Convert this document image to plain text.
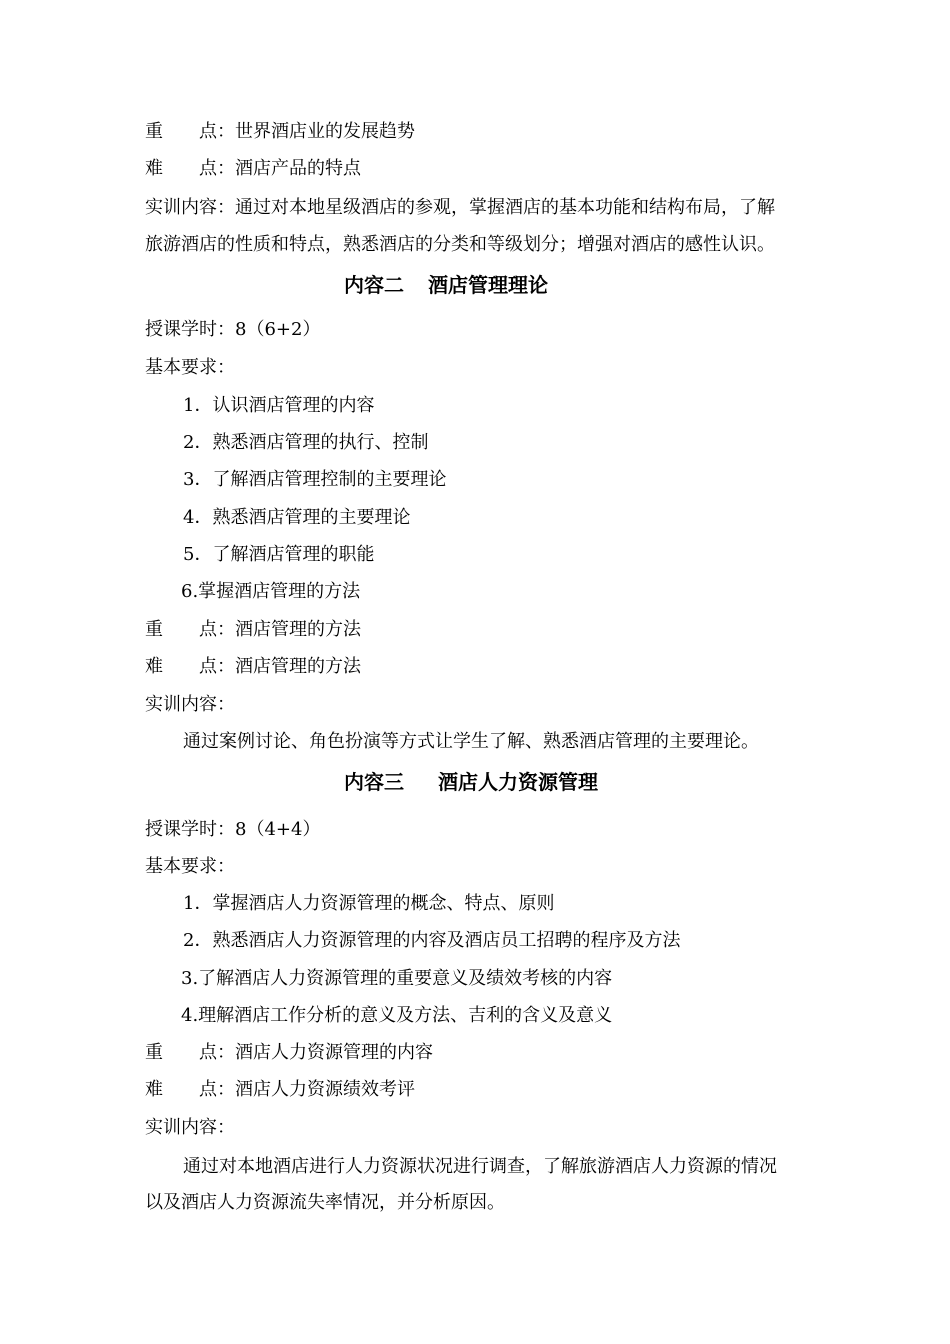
重　　点：世界酒店业的发展趋势
难　　点：酒店产品的特点
实训内容：通过对本地星级酒店的参观，掌握酒店的基本功能和结构布局，了解
旅游酒店的性质和特点，熟悉酒店的分类和等级划分；增强对酒店的感性认识。
内容二 酒店管理理论
授课学时：8（6+2）
基本要求：
1．认识酒店管理的内容
2．熟悉酒店管理的执行、控制
3．了解酒店管理控制的主要理论
4．熟悉酒店管理的主要理论
5．了解酒店管理的职能
6.掌握酒店管理的方法
重　　点：酒店管理的方法
难　　点：酒店管理的方法
实训内容：
通过案例讨论、角色扮演等方式让学生了解、熟悉酒店管理的主要理论。
内容三 酒店人力资源管理
授课学时：8（4+4）
基本要求：
1．掌握酒店人力资源管理的概念、特点、原则
2．熟悉酒店人力资源管理的内容及酒店员工招聘的程序及方法
3.了解酒店人力资源管理的重要意义及绩效考核的内容
4.理解酒店工作分析的意义及方法、吉利的含义及意义
重　　点：酒店人力资源管理的内容
难　　点：酒店人力资源绩效考评
实训内容：
通过对本地酒店进行人力资源状况进行调查，了解旅游酒店人力资源的情况
以及酒店人力资源流失率情况，并分析原因。
